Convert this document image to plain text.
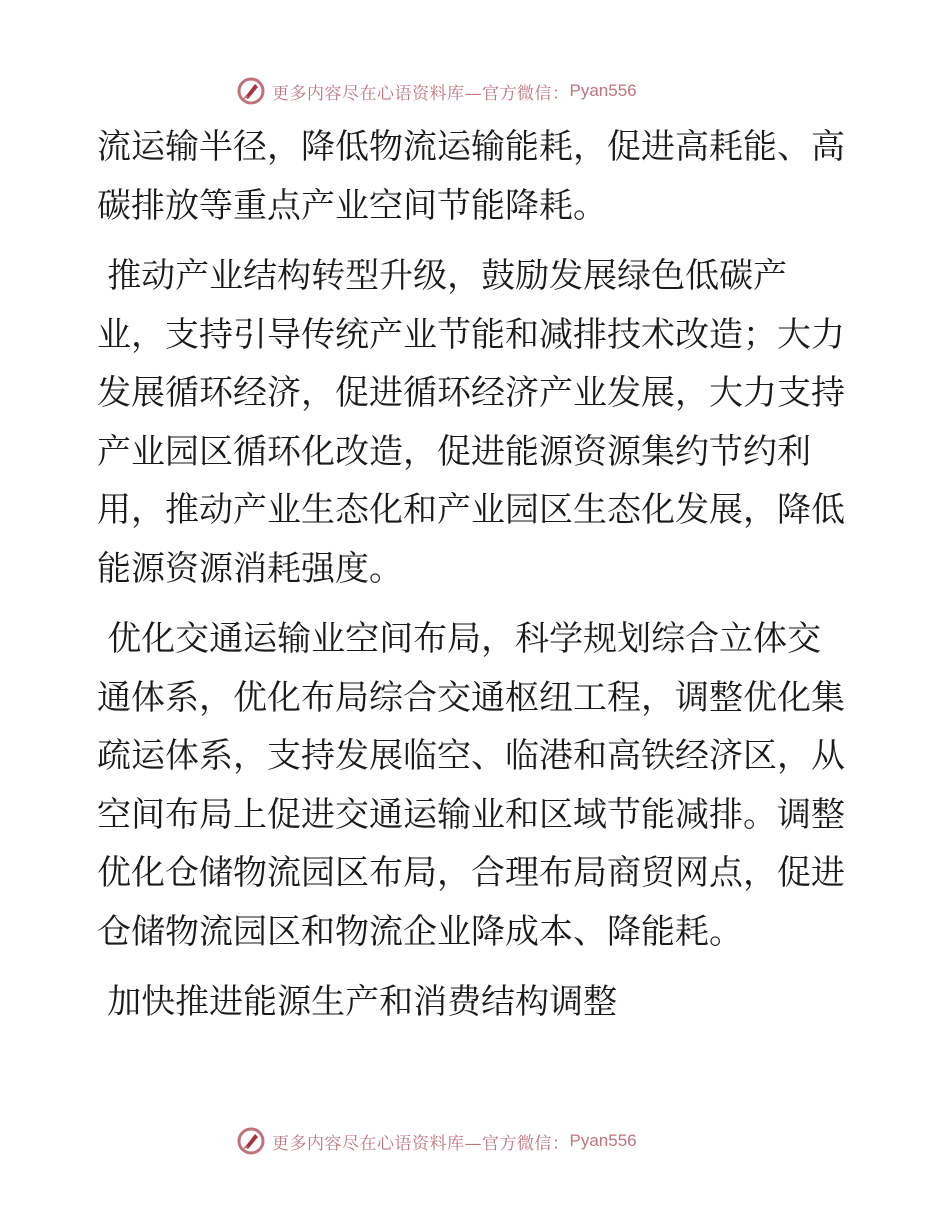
更多内容尽在心语资料库—官方微信： Pyan556

流运输半径，降低物流运输能耗，促进高耗能、高
碳排放等重点产业空间节能降耗。

推动产业结构转型升级，鼓励发展绿色低碳产
业，支持引导传统产业节能和减排技术改造；大力
发展循环经济，促进循环经济产业发展，大力支持
产业园区循环化改造，促进能源资源集约节约利
用，推动产业生态化和产业园区生态化发展，降低
能源资源消耗强度。

优化交通运输业空间布局，科学规划综合立体交
通体系，优化布局综合交通枢纽工程，调整优化集
疏运体系，支持发展临空、临港和高铁经济区，从
空间布局上促进交通运输业和区域节能减排。调整
优化仓储物流园区布局，合理布局商贸网点，促进
仓储物流园区和物流企业降成本、降能耗。

加快推进能源生产和消费结构调整

更多内容尽在心语资料库—官方微信： Pyan556
